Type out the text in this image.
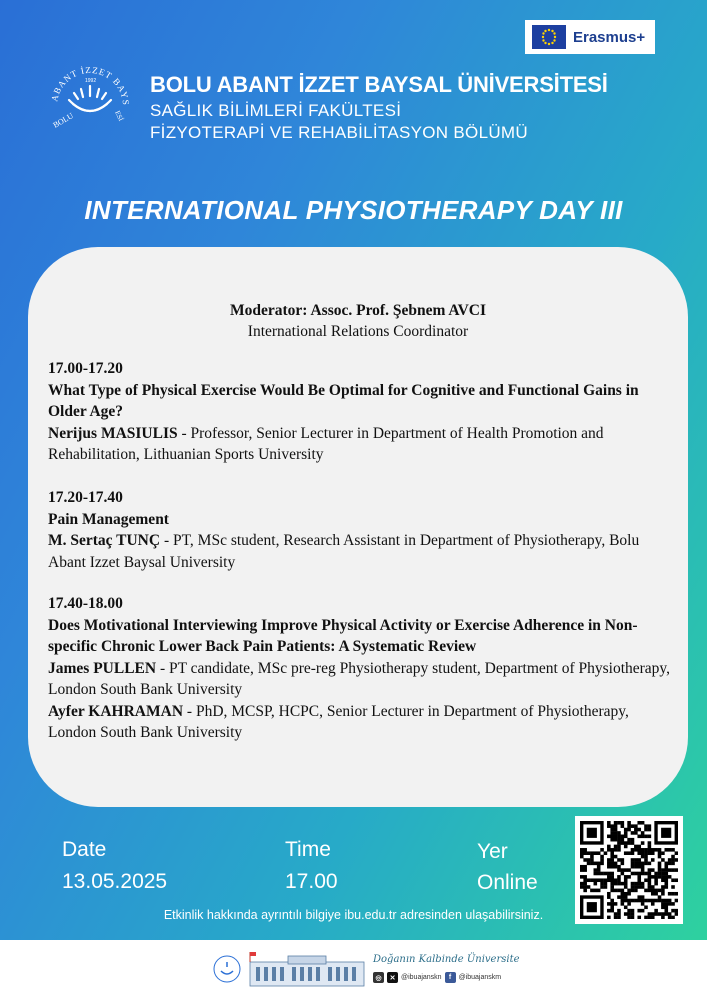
Erasmus+
ABANT İZZET BAYS
1992
BOLU	ESİ
BOLU ABANT İZZET BAYSAL ÜNİVERSİTESİ
SAĞLIK BİLİMLERİ FAKÜLTESİ
FİZYOTERAPİ VE REHABİLİTASYON BÖLÜMÜ
INTERNATIONAL PHYSIOTHERAPY DAY III
Moderator: Assoc. Prof. Şebnem AVCI
International Relations Coordinator
17.00-17.20
What Type of Physical Exercise Would Be Optimal for Cognitive and Functional Gains in Older Age?
Nerijus MASIULIS - Professor, Senior Lecturer in Department of Health Promotion and Rehabilitation, Lithuanian Sports University
17.20-17.40
Pain Management
M. Sertaç TUNÇ - PT, MSc student, Research Assistant in Department of Physiotherapy, Bolu Abant Izzet Baysal University
17.40-18.00
Does Motivational Interviewing Improve Physical Activity or Exercise Adherence in Non-specific Chronic Lower Back Pain Patients: A Systematic Review
James PULLEN - PT candidate, MSc pre-reg Physiotherapy student, Department of Physiotherapy, London South Bank University
Ayfer KAHRAMAN - PhD, MCSP, HCPC, Senior Lecturer in Department of Physiotherapy, London South Bank University
Date
13.05.2025
Time
17.00
Yer
Online
Etkinlik hakkında ayrıntılı bilgiye ibu.edu.tr adresinden ulaşabilirsiniz.
Doğanın Kalbinde Üniversite
◎	✕ @ibuajanskn	f	@ibuajanskm
